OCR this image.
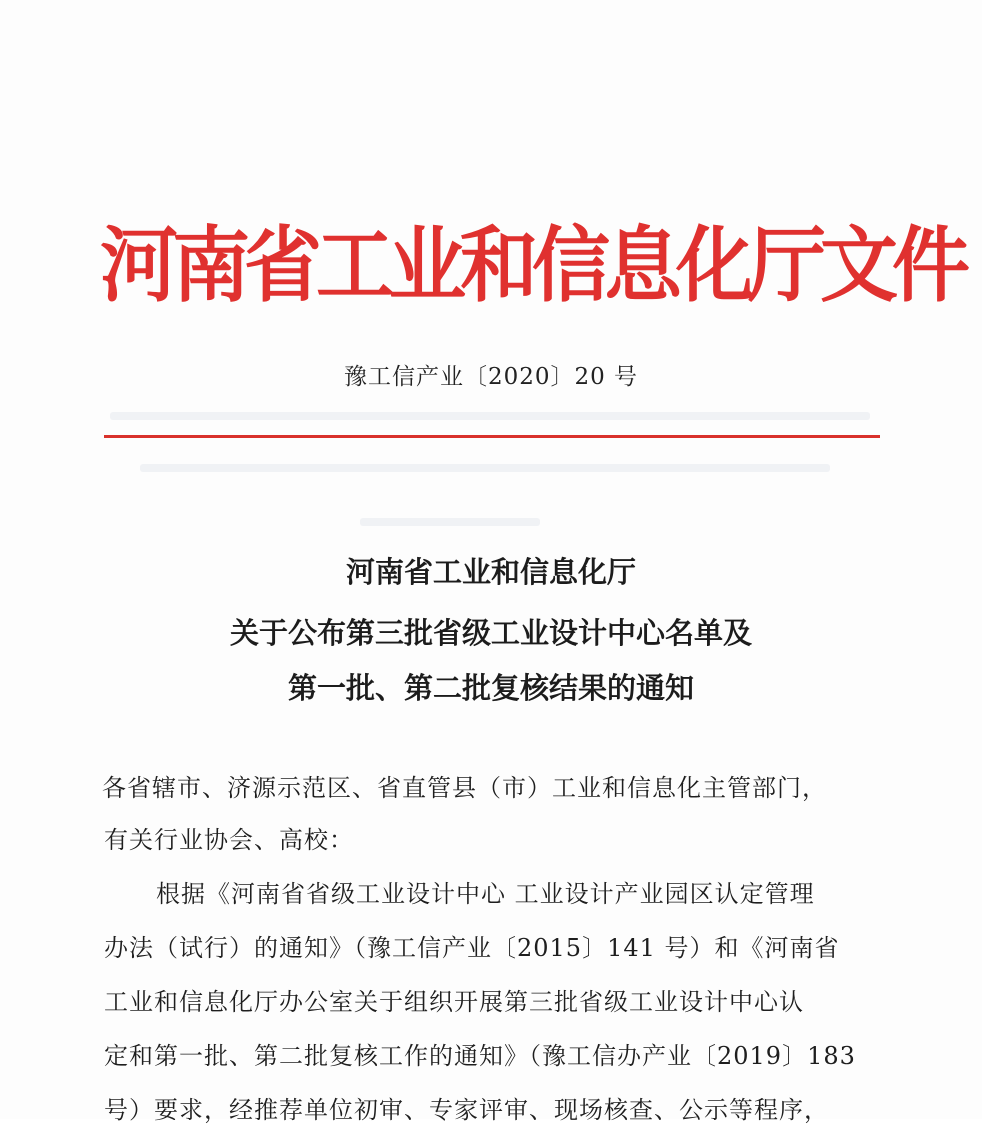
河南省工业和信息化厅文件
豫工信产业〔2020〕20 号
河南省工业和信息化厅
关于公布第三批省级工业设计中心名单及
第一批、第二批复核结果的通知
各省辖市、济源示范区、省直管县（市）工业和信息化主管部门，
有关行业协会、高校：
根据《河南省省级工业设计中心 工业设计产业园区认定管理
办法（试行）的通知》（豫工信产业〔2015〕141 号）和《河南省
工业和信息化厅办公室关于组织开展第三批省级工业设计中心认
定和第一批、第二批复核工作的通知》（豫工信办产业〔2019〕183
号）要求，经推荐单位初审、专家评审、现场核查、公示等程序，
